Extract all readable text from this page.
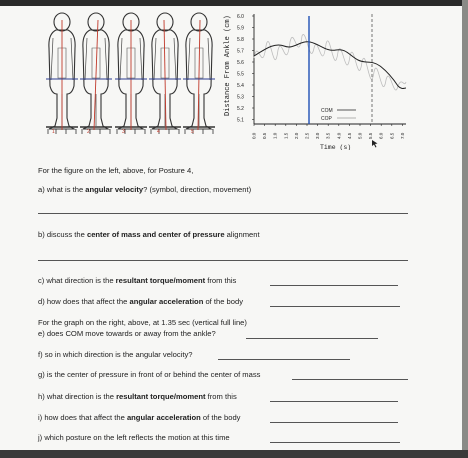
1	2	3	4	5
Distance From Ankle (cm) 6.0
5.9
5.8
5.7
5.6
5.5
5.4
5.3
5.2
5.1
0.0 0.5 1.0 1.5 2.0 2.5 3.0 3.5 4.0 4.5 5.0 5.5 6.0 6.5 7.0
COM
COP
Time (s)
For the figure on the left, above, for Posture 4,
a) what is the angular velocity? (symbol, direction, movement)
b) discuss the center of mass and center of pressure alignment
c) what direction is the resultant torque/moment from this
d) how does that affect the angular acceleration of the body
For the graph on the right, above, at 1.35 sec (vertical full line)
e) does COM move towards or away from the ankle?
f) so in which direction is the angular velocity?
g) is the center of pressure in front of or behind the center of mass
h) what direction is the resultant torque/moment from this
i) how does that affect the angular acceleration of the body
j) which posture on the left reflects the motion at this time
